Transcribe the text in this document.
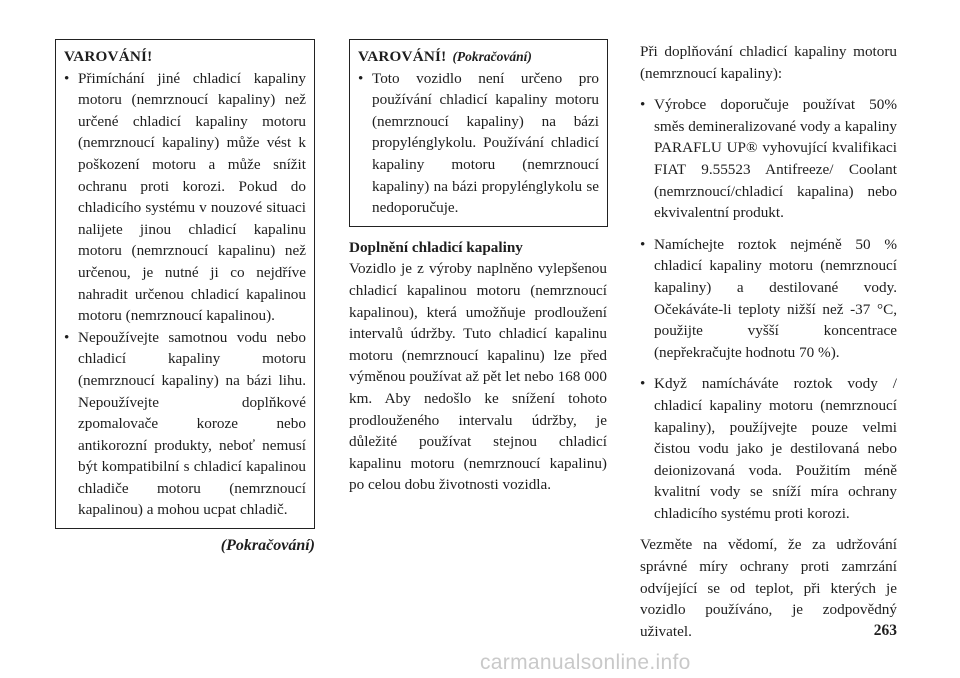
VAROVÁNÍ!
• Přimíchání jiné chladicí kapaliny motoru (nemrznoucí kapaliny) než určené chladicí kapaliny motoru (nemrznoucí kapaliny) může vést k poškození motoru a může snížit ochranu proti korozi. Pokud do chladicího systému v nouzové situaci nalijete jinou chladicí kapalinu motoru (nemrznoucí kapalinu) než určenou, je nutné ji co nejdříve nahradit určenou chladicí kapalinou motoru (nemrznoucí kapalinou).
• Nepoužívejte samotnou vodu nebo chladicí kapaliny motoru (nemrznoucí kapaliny) na bázi lihu. Nepoužívejte doplňkové zpomalovače koroze nebo antikorozní produkty, neboť nemusí být kompatibilní s chladicí kapalinou chladiče motoru (nemrznoucí kapalinou) a mohou ucpat chladič.
(Pokračování)
VAROVÁNÍ! (Pokračování)
• Toto vozidlo není určeno pro používání chladicí kapaliny motoru (nemrznoucí kapaliny) na bázi propylénglykolu. Používání chladicí kapaliny motoru (nemrznoucí kapaliny) na bázi propylénglykolu se nedoporučuje.
Doplnění chladicí kapaliny

Vozidlo je z výroby naplněno vylepšenou chladicí kapalinou motoru (nemrznoucí kapalinou), která umožňuje prodloužení intervalů údržby. Tuto chladicí kapalinu motoru (nemrznoucí kapalinu) lze před výměnou používat až pět let nebo 168 000 km. Aby nedošlo ke snížení tohoto prodlouženého intervalu údržby, je důležité používat stejnou chladicí kapalinu motoru (nemrznoucí kapalinu) po celou dobu životnosti vozidla.

Při doplňování chladicí kapaliny motoru (nemrznoucí kapaliny):

• Výrobce doporučuje používat 50% směs demineralizované vody a kapaliny PARAFLU UP® vyhovující kvalifikaci FIAT 9.55523 Antifreeze/ Coolant (nemrznoucí/chladicí kapalina) nebo ekvivalentní produkt.
• Namíchejte roztok nejméně 50 % chladicí kapaliny motoru (nemrznoucí kapaliny) a destilované vody. Očekáváte-li teploty nižší než -37 °C, použijte vyšší koncentrace (nepřekračujte hodnotu 70 %).
• Když namícháváte roztok vody / chladicí kapaliny motoru (nemrznoucí kapaliny), použíjvejte pouze velmi čistou vodu jako je destilovaná nebo deionizovaná voda. Použitím méně kvalitní vody se sníží míra ochrany chladicího systému proti korozi.

Vezměte na vědomí, že za udržování správné míry ochrany proti zamrzání odvíjející se od teplot, při kterých je vozidlo používáno, je zodpovědný uživatel.	263
carmanualsonline.info
